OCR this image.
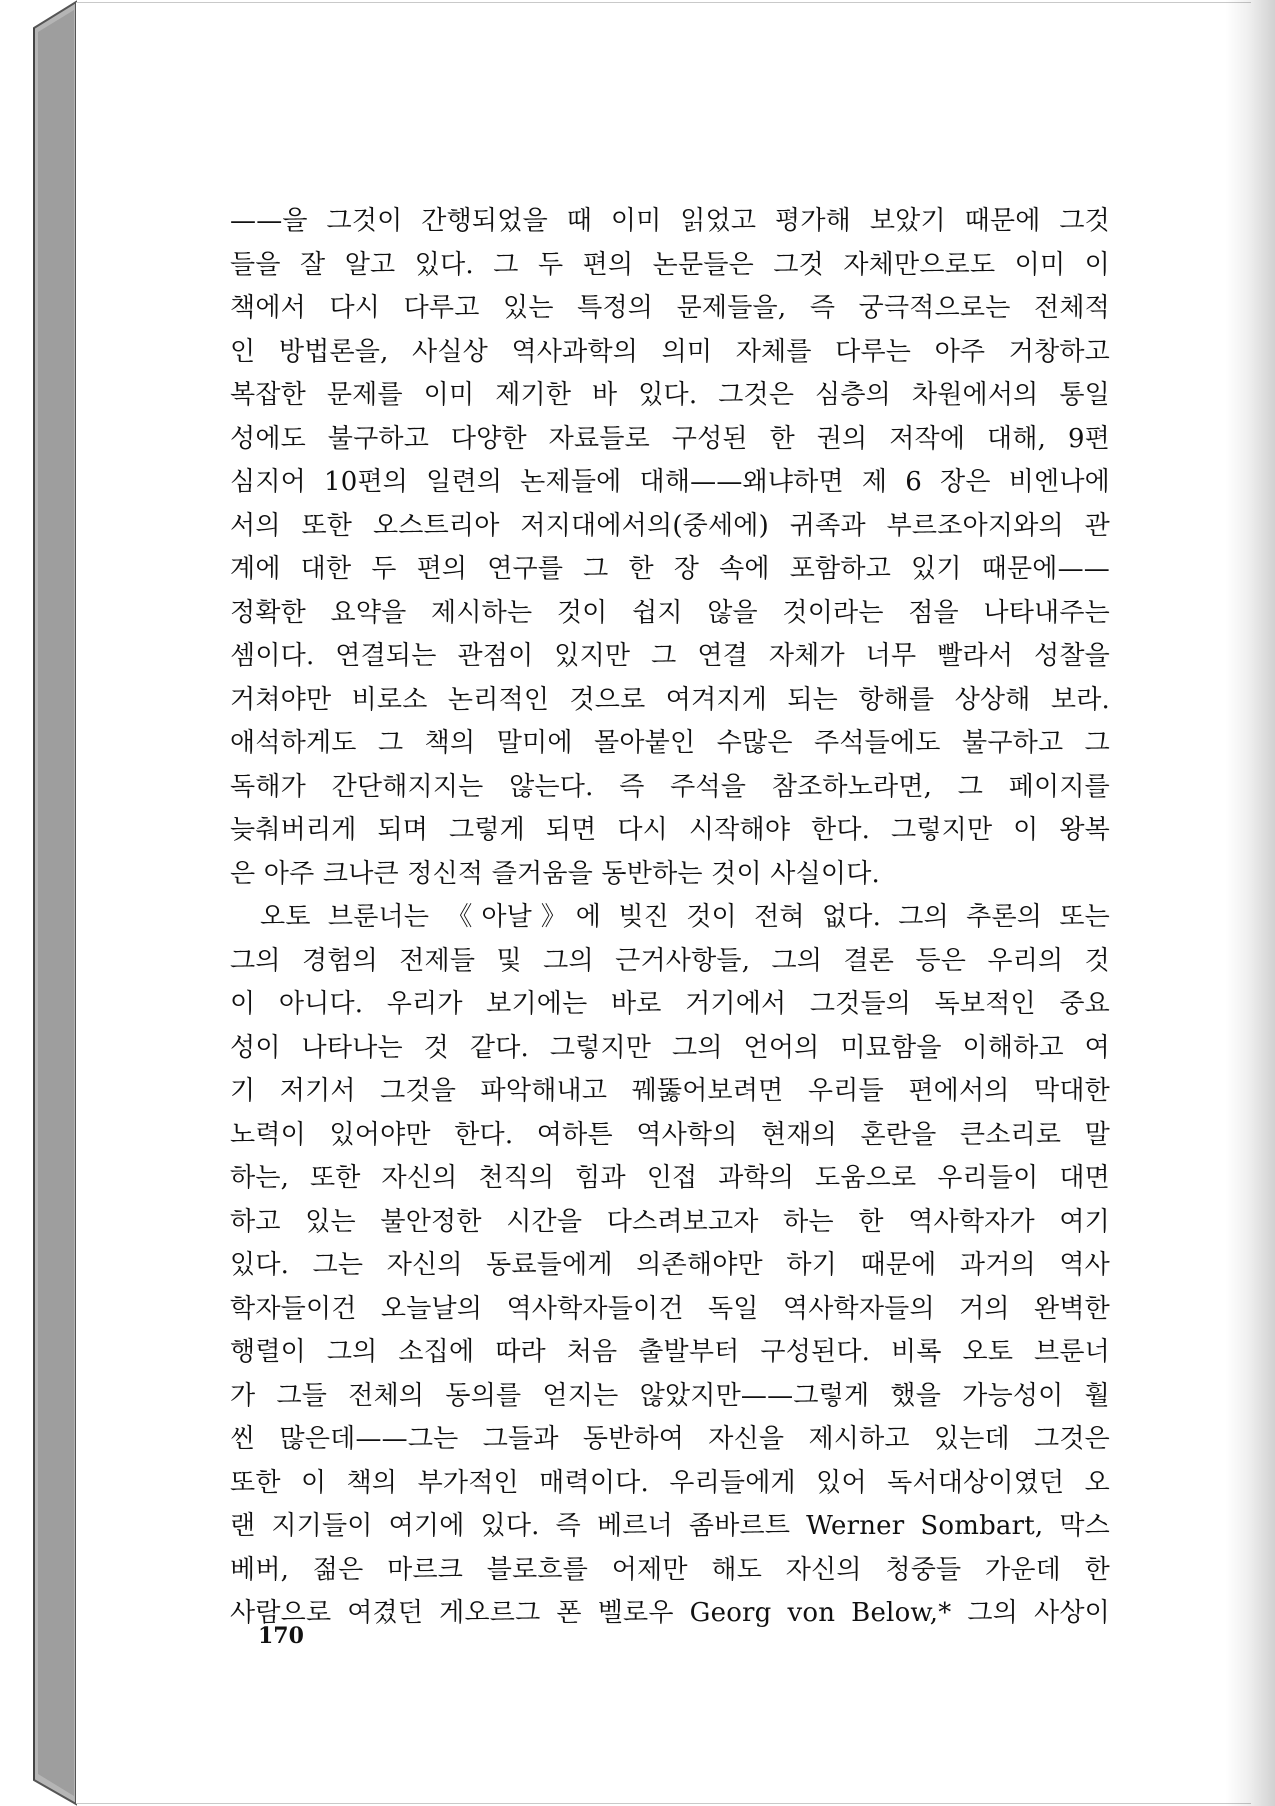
——을 그것이 간행되었을 때 이미 읽었고 평가해 보았기 때문에 그것
들을 잘 알고 있다. 그 두 편의 논문들은 그것 자체만으로도 이미 이
책에서 다시 다루고 있는 특정의 문제들을, 즉 궁극적으로는 전체적
인 방법론을, 사실상 역사과학의 의미 자체를 다루는 아주 거창하고
복잡한 문제를 이미 제기한 바 있다. 그것은 심층의 차원에서의 통일
성에도 불구하고 다양한 자료들로 구성된 한 권의 저작에 대해, 9편
심지어 10편의 일련의 논제들에 대해——왜냐하면 제 6 장은 비엔나에
서의 또한 오스트리아 저지대에서의(중세에) 귀족과 부르조아지와의 관
계에 대한 두 편의 연구를 그 한 장 속에 포함하고 있기 때문에——
정확한 요약을 제시하는 것이 쉽지 않을 것이라는 점을 나타내주는
셈이다. 연결되는 관점이 있지만 그 연결 자체가 너무 빨라서 성찰을
거쳐야만 비로소 논리적인 것으로 여겨지게 되는 항해를 상상해 보라.
애석하게도 그 책의 말미에 몰아붙인 수많은 주석들에도 불구하고 그
독해가 간단해지지는 않는다. 즉 주석을 참조하노라면, 그 페이지를
늦춰버리게 되며 그렇게 되면 다시 시작해야 한다. 그렇지만 이 왕복
은 아주 크나큰 정신적 즐거움을 동반하는 것이 사실이다.
오토 브룬너는 《아날》에 빚진 것이 전혀 없다. 그의 추론의 또는
그의 경험의 전제들 및 그의 근거사항들, 그의 결론 등은 우리의 것
이 아니다. 우리가 보기에는 바로 거기에서 그것들의 독보적인 중요
성이 나타나는 것 같다. 그렇지만 그의 언어의 미묘함을 이해하고 여
기 저기서 그것을 파악해내고 꿰뚫어보려면 우리들 편에서의 막대한
노력이 있어야만 한다. 여하튼 역사학의 현재의 혼란을 큰소리로 말
하는, 또한 자신의 천직의 힘과 인접 과학의 도움으로 우리들이 대면
하고 있는 불안정한 시간을 다스려보고자 하는 한 역사학자가 여기
있다. 그는 자신의 동료들에게 의존해야만 하기 때문에 과거의 역사
학자들이건 오늘날의 역사학자들이건 독일 역사학자들의 거의 완벽한
행렬이 그의 소집에 따라 처음 출발부터 구성된다. 비록 오토 브룬너
가 그들 전체의 동의를 얻지는 않았지만——그렇게 했을 가능성이 훨
씬 많은데——그는 그들과 동반하여 자신을 제시하고 있는데 그것은
또한 이 책의 부가적인 매력이다. 우리들에게 있어 독서대상이였던 오
랜 지기들이 여기에 있다. 즉 베르너 좀바르트 Werner Sombart, 막스
베버, 젊은 마르크 블로흐를 어제만 해도 자신의 청중들 가운데 한
사람으로 여겼던 게오르그 폰 벨로우 Georg von Below,* 그의 사상이
170
